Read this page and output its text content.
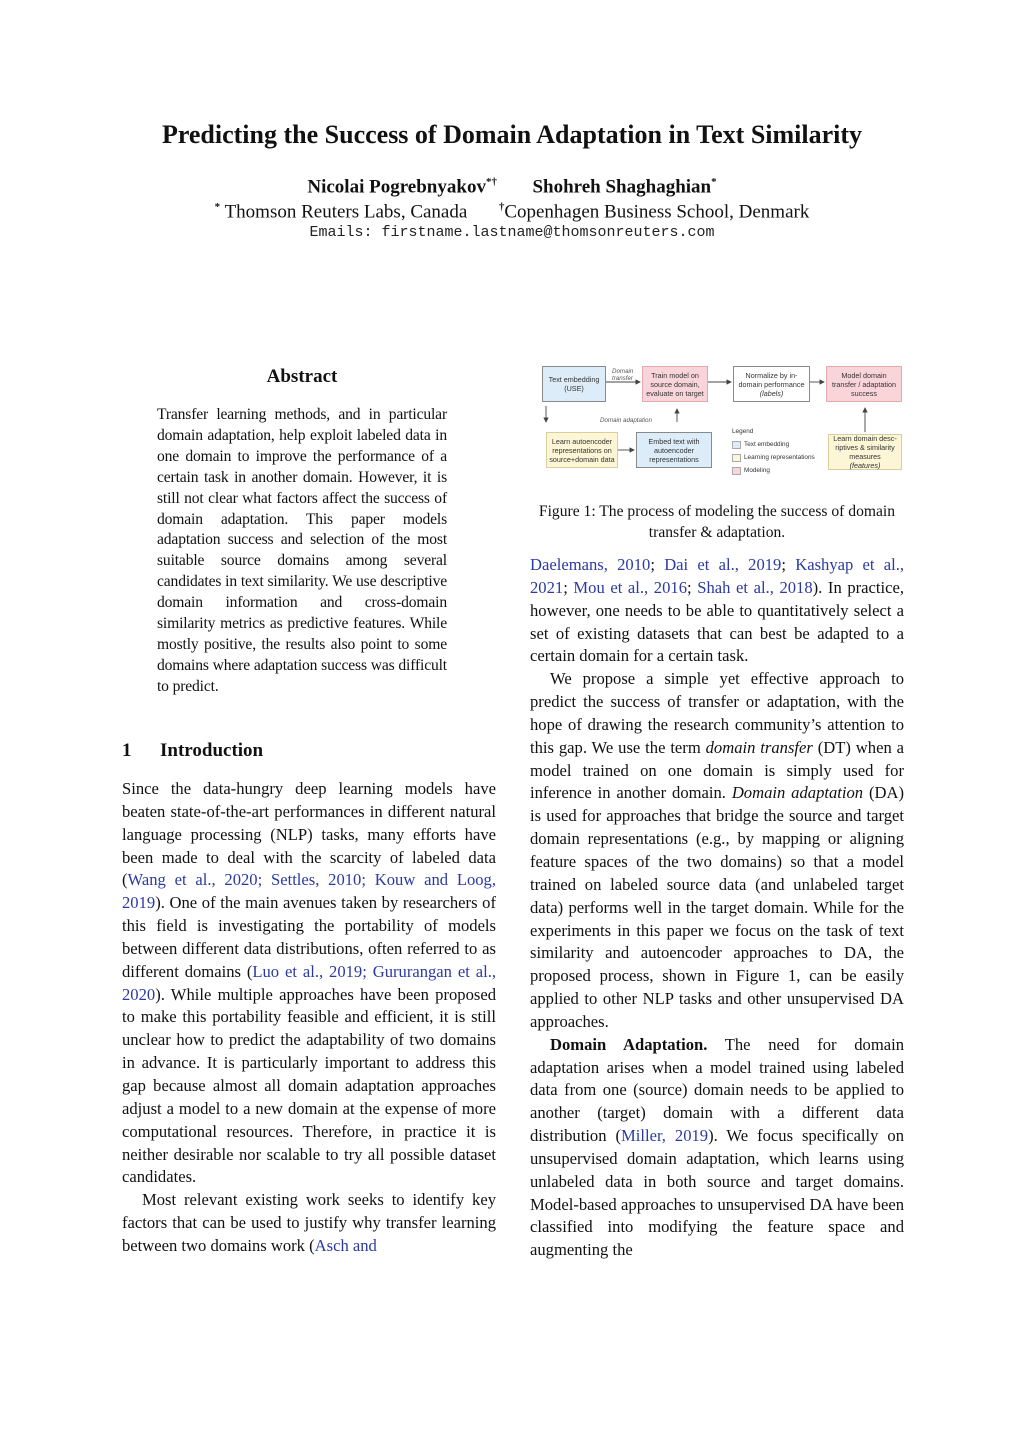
Predicting the Success of Domain Adaptation in Text Similarity
Nicolai Pogrebnyakov*† Shohreh Shaghaghian*
* Thomson Reuters Labs, Canada	†Copenhagen Business School, Denmark
Emails: firstname.lastname@thomsonreuters.com
Abstract
Transfer learning methods, and in particular domain adaptation, help exploit labeled data in one domain to improve the performance of a certain task in another domain. However, it is still not clear what factors affect the success of domain adaptation. This paper models adaptation success and selection of the most suitable source domains among several candidates in text similarity. We use descriptive domain information and cross-domain similarity metrics as predictive features. While mostly positive, the results also point to some domains where adaptation success was difficult to predict.
1 Introduction

Since the data-hungry deep learning models have beaten state-of-the-art performances in different natural language processing (NLP) tasks, many efforts have been made to deal with the scarcity of labeled data (Wang et al., 2020; Settles, 2010; Kouw and Loog, 2019). One of the main avenues taken by researchers of this field is investigating the portability of models between different data distributions, often referred to as different domains (Luo et al., 2019; Gururangan et al., 2020). While multiple approaches have been proposed to make this portability feasible and efficient, it is still unclear how to predict the adaptability of two domains in advance. It is particularly important to address this gap because almost all domain adaptation approaches adjust a model to a new domain at the expense of more computational resources. Therefore, in practice it is neither desirable nor scalable to try all possible dataset candidates.

Most relevant existing work seeks to identify key factors that can be used to justify why transfer learning between two domains work (Asch and

Text embedding (USE)
Domain transfer	Train model on source domain, evaluate on target
Normalize by in-domain performance
(labels)
Model domain transfer / adaptation success
Domain adaptation
Learn autoencoder representations on source+domain data
Embed text with autoencoder representations
Legend
Text embedding
Learning representations
Modeling
Learn domain desc-riptives & similarity measures
(features)
Figure 1: The process of modeling the success of domain transfer & adaptation.

Daelemans, 2010; Dai et al., 2019; Kashyap et al., 2021; Mou et al., 2016; Shah et al., 2018). In practice, however, one needs to be able to quantitatively select a set of existing datasets that can best be adapted to a certain domain for a certain task.

We propose a simple yet effective approach to predict the success of transfer or adaptation, with the hope of drawing the research community’s attention to this gap. We use the term domain transfer (DT) when a model trained on one domain is simply used for inference in another domain. Domain adaptation (DA) is used for approaches that bridge the source and target domain representations (e.g., by mapping or aligning feature spaces of the two domains) so that a model trained on labeled source data (and unlabeled target data) performs well in the target domain. While for the experiments in this paper we focus on the task of text similarity and autoencoder approaches to DA, the proposed process, shown in Figure 1, can be easily applied to other NLP tasks and other unsupervised DA approaches.

Domain Adaptation. The need for domain adaptation arises when a model trained using labeled data from one (source) domain needs to be applied to another (target) domain with a different data distribution (Miller, 2019). We focus specifically on unsupervised domain adaptation, which learns using unlabeled data in both source and target domains. Model-based approaches to unsupervised DA have been classified into modifying the feature space and augmenting the
